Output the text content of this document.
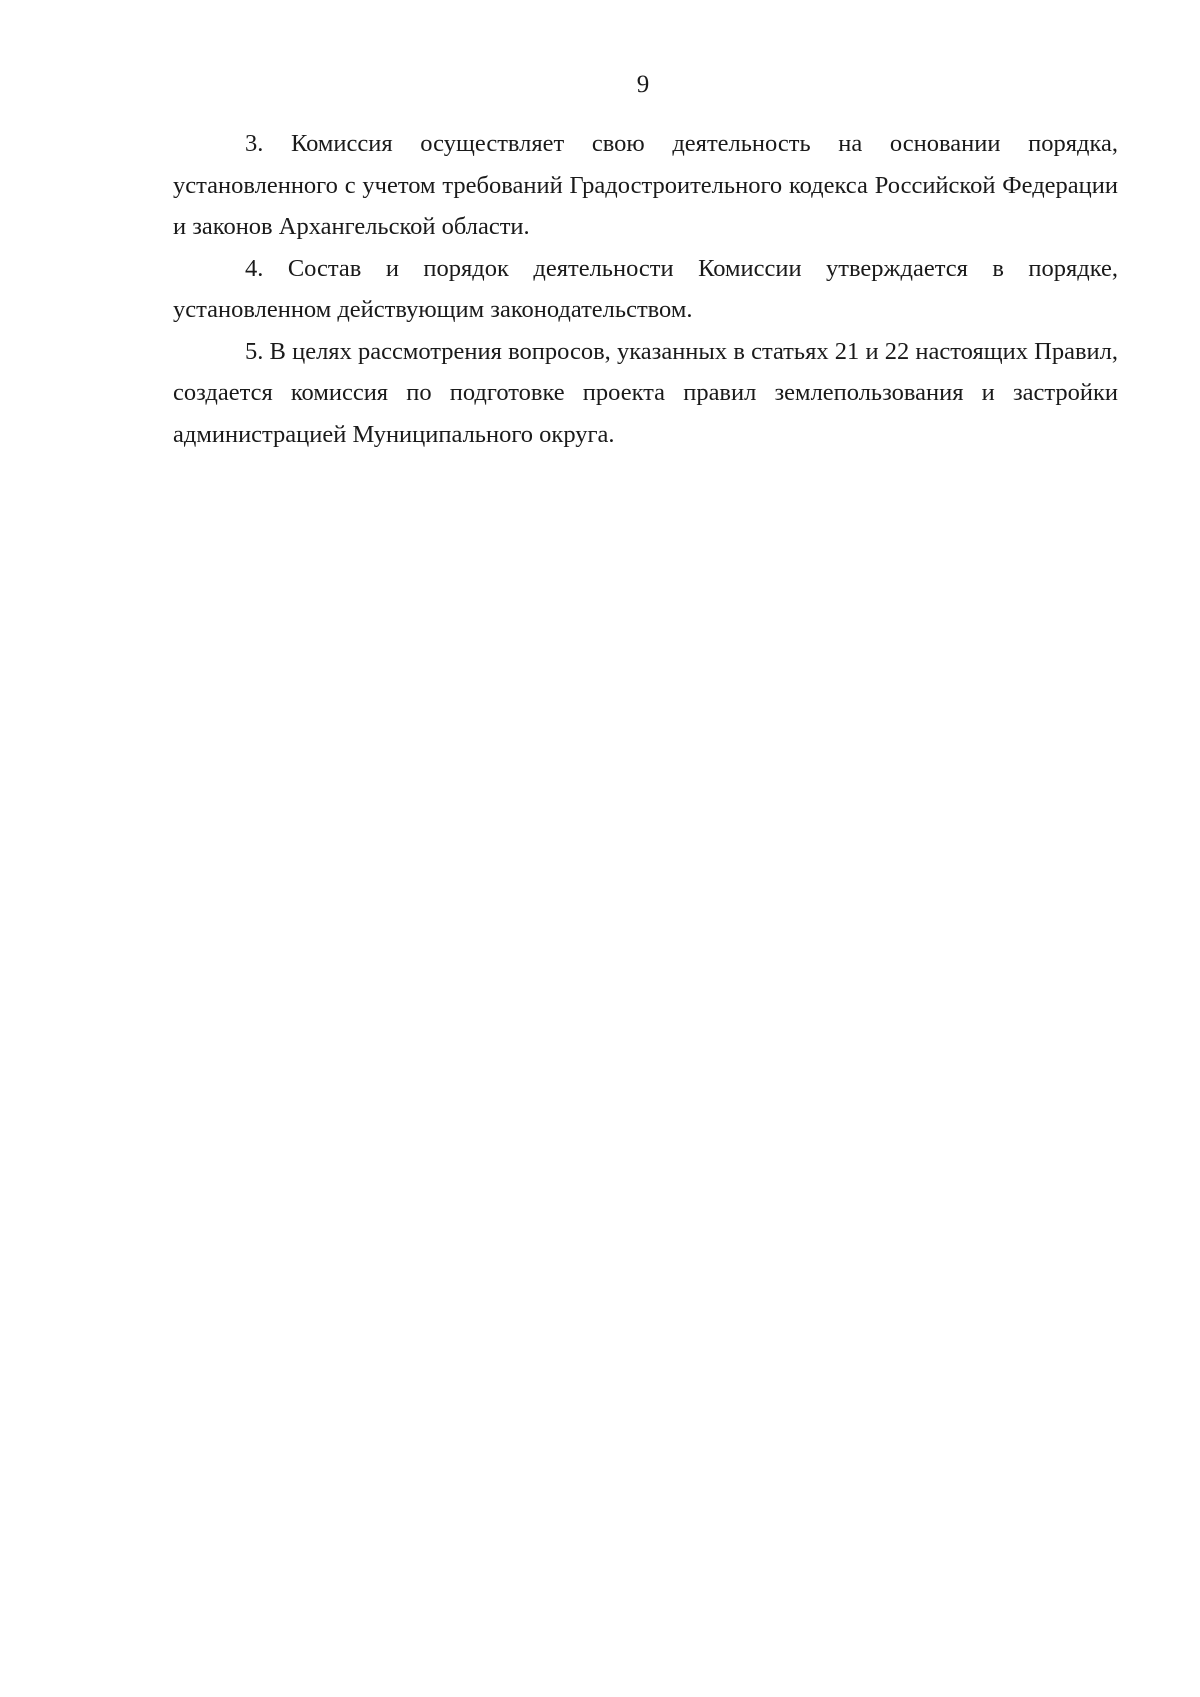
9

3. Комиссия осуществляет свою деятельность на основании порядка, установленного с учетом требований Градостроительного кодекса Российской Федерации и законов Архангельской области.

4. Состав и порядок деятельности Комиссии утверждается в порядке, установленном действующим законодательством.

5. В целях рассмотрения вопросов, указанных в статьях 21 и 22 настоящих Правил, создается комиссия по подготовке проекта правил землепользования и застройки администрацией Муниципального округа.
